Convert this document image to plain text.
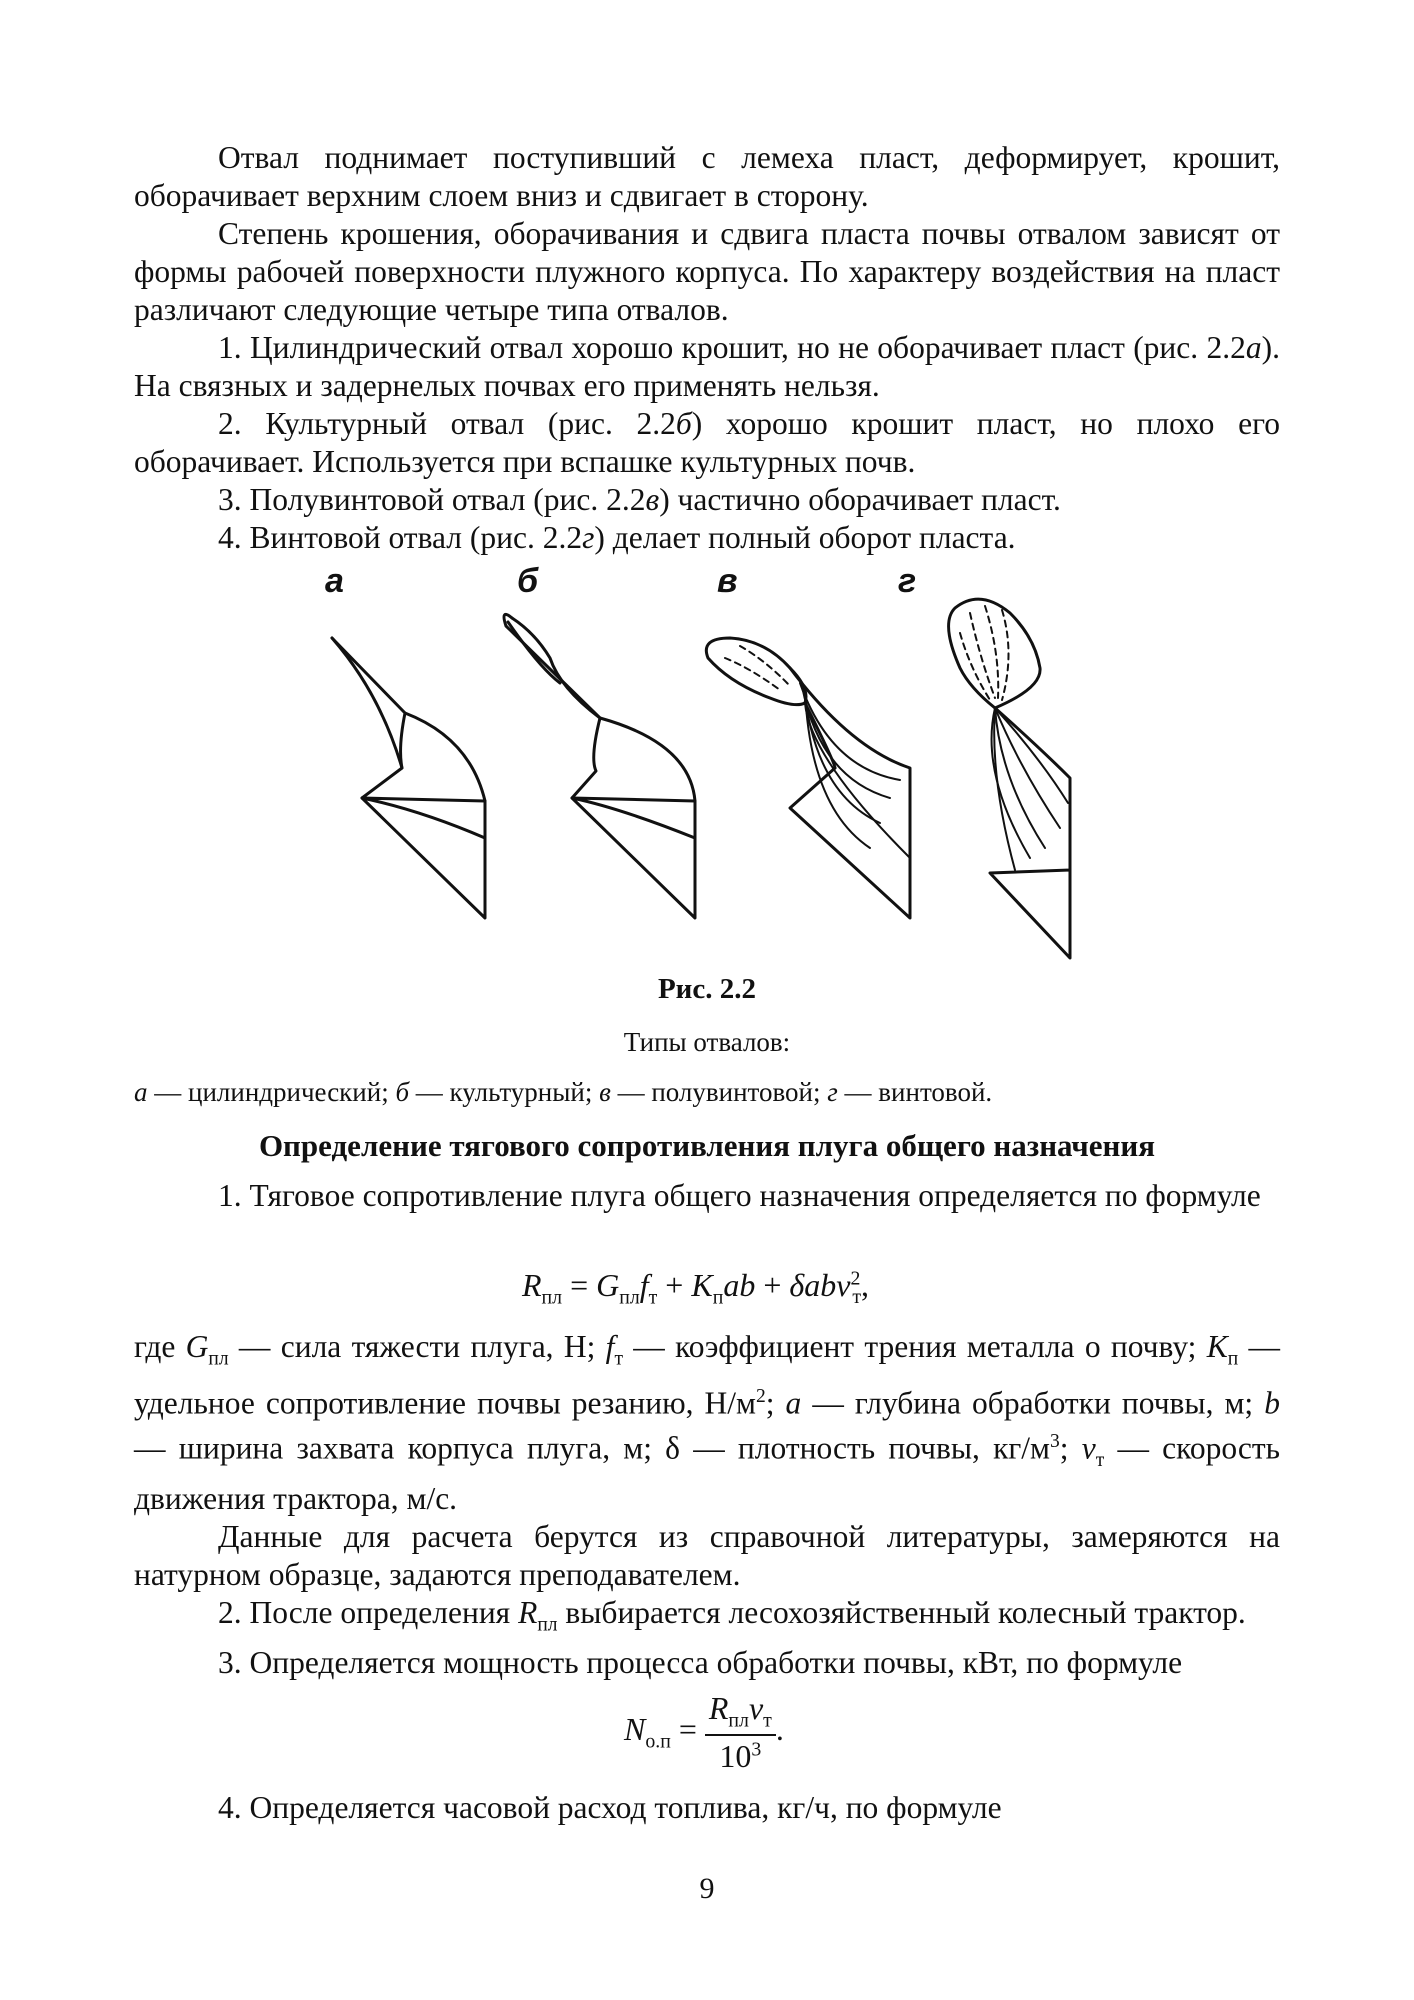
Отвал поднимает поступивший с лемеха пласт, деформирует, крошит, оборачивает верхним слоем вниз и сдвигает в сторону.

Степень крошения, оборачивания и сдвига пласта почвы отвалом зависят от формы рабочей поверхности плужного корпуса. По характеру воздействия на пласт различают следующие четыре типа отвалов.

1. Цилиндрический отвал хорошо крошит, но не оборачивает пласт (рис. 2.2а). На связных и задернелых почвах его применять нельзя.

2. Культурный отвал (рис. 2.2б) хорошо крошит пласт, но плохо его оборачивает. Используется при вспашке культурных почв.

3. Полувинтовой отвал (рис. 2.2в) частично оборачивает пласт.

4. Винтовой отвал (рис. 2.2г) делает полный оборот пласта.

а	б	в	г
Рис. 2.2
Типы отвалов:
а — цилиндрический; б — культурный; в — полувинтовой; г — винтовой.
Определение тягового сопротивления плуга общего назначения

1. Тяговое сопротивление плуга общего назначения определяется по формуле

$R_{пл} = G_{пл}f_т + K_пab + \delta abv^2_т$,

где $G_{пл}$ — сила тяжести плуга, Н; $f_т$ — коэффициент трения металла о почву; $K_п$ — удельное сопротивление почвы резанию, $Н/м^2$; a — глубина обработки почвы, м; b — ширина захвата корпуса плуга, м; δ — плотность почвы, $кг/м^3$; $v_т$ — скорость движения трактора, м/с.

Данные для расчета берутся из справочной литературы, замеряются на натурном образце, задаются преподавателем.

2. После определения $R_{пл}$ выбирается лесохозяйственный колесный трактор.

3. Определяется мощность процесса обработки почвы, кВт, по формуле

$N_{о.п} = \frac{R_{пл}v_т}{10^3}$ .

4. Определяется часовой расход топлива, кг/ч, по формуле

9
